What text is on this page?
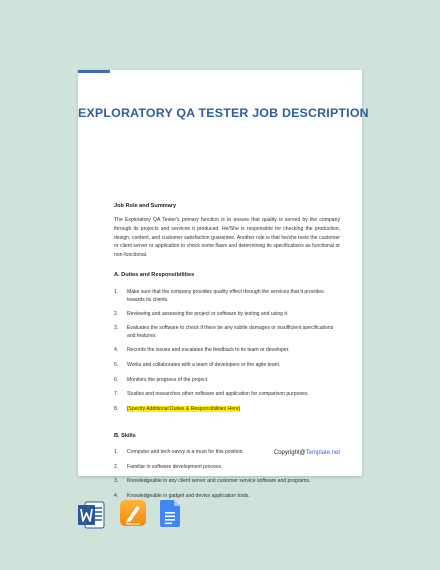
EXPLORATORY QA TESTER JOB DESCRIPTION
Job Role and Summary
The Exploratory QA Tester's primary function is to ensure that quality is served by the company through its projects and services it produced. He/She is responsible for checking the production, design, content, and customer satisfaction guarantee. Another role is that he/she tests the customer or client server or application to check some flaws and determining its specifications as functional or non-functional.
A. Duties and Responsibilities
1. Make sure that the company provides quality effect through the services that it provides towards its clients.
2. Reviewing and assessing the project or software by testing and using it.
3. Evaluates the software to check if there be any subtle damages or insufficient specifications and features.
4. Records the issues and escalates the feedback to its team or developer.
5. Works and collaborates with a team of developers or the agile team.
6. Monitors the progress of the project.
7. Studies and researches other software and application for comparison purposes.
8. [Specify Additional Duties & Responsibilities Here]
B. Skills
1. Computer and tech-savvy is a must for this position.
2. Familiar in software development process.
3. Knowledgeable in any client server and customer service software and programs.
4. Knowledgeable in gadget and device application tools.
Copyright@Template.net
